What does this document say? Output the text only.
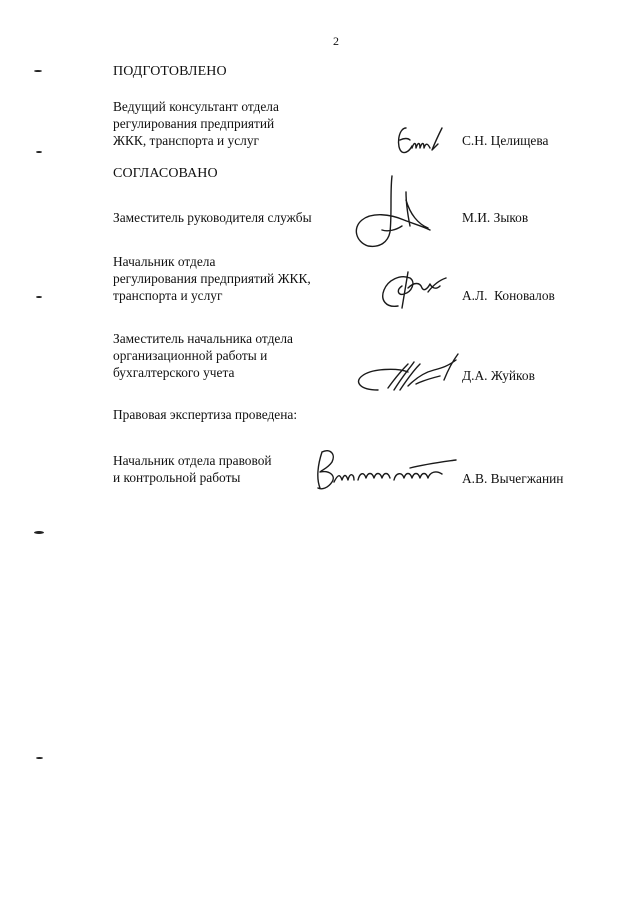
2
ПОДГОТОВЛЕНО
Ведущий консультант отдела
регулирования предприятий
ЖКК, транспорта и услуг	С.Н. Целищева
СОГЛАСОВАНО
Заместитель руководителя службы	М.И. Зыков
Начальник отдела
регулирования предприятий ЖКК,
транспорта и услуг	А.Л.  Коновалов
Заместитель начальника отдела
организационной работы и
бухгалтерского учета	Д.А. Жуйков
Правовая экспертиза проведена:
Начальник отдела правовой
и контрольной работы	А.В. Вычегжанин
